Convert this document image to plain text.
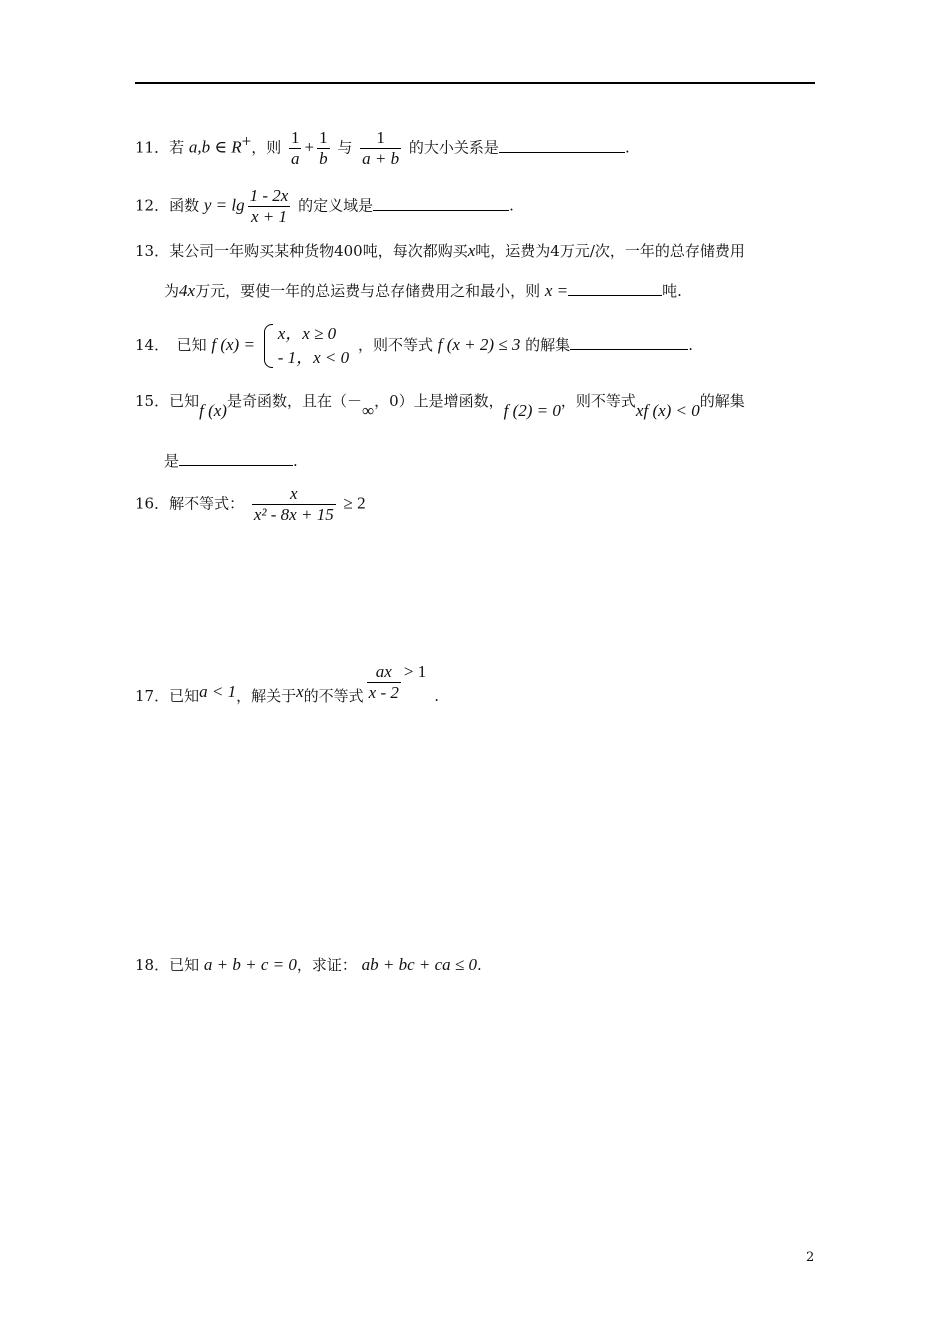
11．若 a,b ∈ R+，则 $\frac{1}{a} + \frac{1}{b}$ 与 $\frac{1}{a + b}$ 的大小关系是	.
12．函数 $y = \lg \frac{1 - 2x}{x + 1}$ 的定义域是	.
13．某公司一年购买某种货物400吨，每次都购买x吨，运费为4万元/次，一年的总存储费用
为4x万元，要使一年的总运费与总存储费用之和最小，则 x =	吨.
14．　已知 f (x) =
x，x ≥ 0
- 1，x < 0
，则不等式 f (x + 2) ≤ 3 的解集	.
15．已知f (x)是奇函数，且在（－∞，0）上是增函数，f (2) = 0，则不等式xf (x) < 0的解集
是	.
16．解不等式： $\frac{x}{\text{x² - 8x + 15}} \ge 2$
17．已知a < 1，解关于x的不等式 $\frac{ax}{x - 2} > 1$.
18．已知 a + b + c = 0，求证： ab + bc + ca ≤ 0.
2
